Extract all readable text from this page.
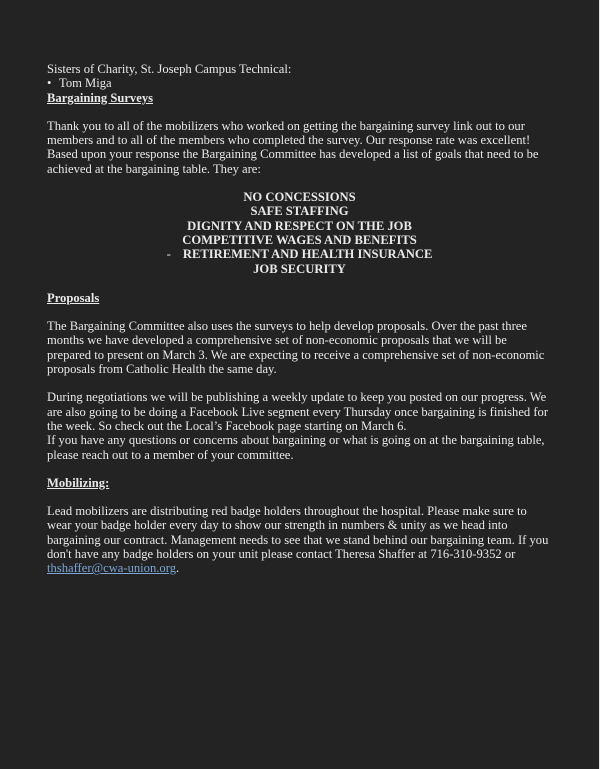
Sisters of Charity, St. Joseph Campus Technical:

• Tom Miga

Bargaining Surveys

Thank you to all of the mobilizers who worked on getting the bargaining survey link out to our members and to all of the members who completed the survey. Our response rate was excellent! Based upon your response the Bargaining Committee has developed a list of goals that need to be achieved at the bargaining table. They are:

NO CONCESSIONS
SAFE STAFFING
DIGNITY AND RESPECT ON THE JOB
COMPETITIVE WAGES AND BENEFITS
- RETIREMENT AND HEALTH INSURANCE
JOB SECURITY

Proposals

The Bargaining Committee also uses the surveys to help develop proposals. Over the past three months we have developed a comprehensive set of non-economic proposals that we will be prepared to present on March 3. We are expecting to receive a comprehensive set of non-economic proposals from Catholic Health the same day.

During negotiations we will be publishing a weekly update to keep you posted on our progress. We are also going to be doing a Facebook Live segment every Thursday once bargaining is finished for the week. So check out the Local’s Facebook page starting on March 6.

If you have any questions or concerns about bargaining or what is going on at the bargaining table, please reach out to a member of your committee.

Mobilizing:

Lead mobilizers are distributing red badge holders throughout the hospital. Please make sure to wear your badge holder every day to show our strength in numbers & unity as we head into bargaining our contract. Management needs to see that we stand behind our bargaining team. If you don't have any badge holders on your unit please contact Theresa Shaffer at 716-310-9352 or thshaffer@cwa-union.org.
